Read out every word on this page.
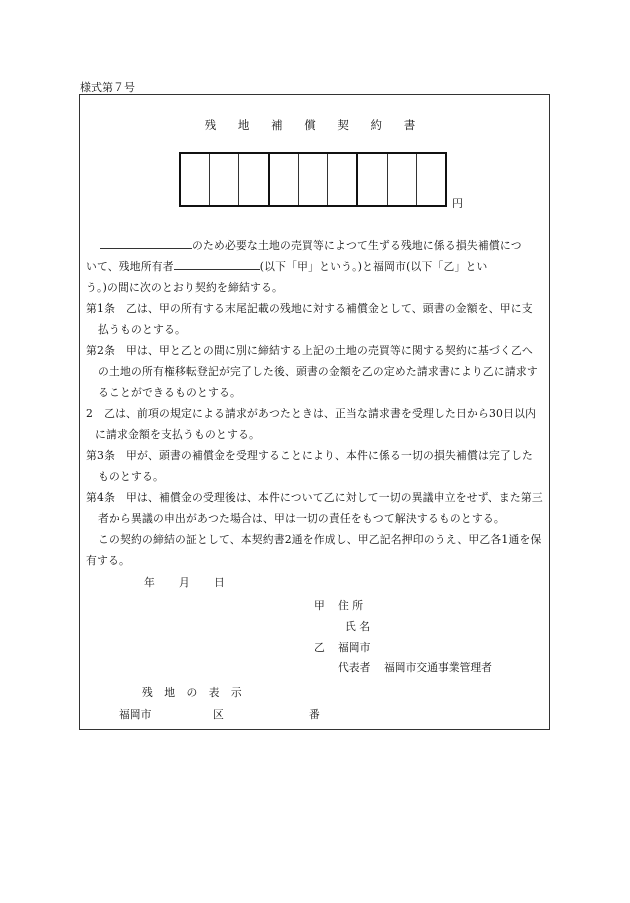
様式第７号
残 地 補 償 契 約 書
円

のため必要な土地の売買等によつて生ずる残地に係る損失補償につ

いて、残地所有者	(以下「甲」という。)と福岡市(以下「乙」とい

う。)の間に次のとおり契約を締結する。

第1条　乙は、甲の所有する末尾記載の残地に対する補償金として、頭書の金額を、甲に支払うものとする。

第2条　甲は、甲と乙との間に別に締結する上記の土地の売買等に関する契約に基づく乙への土地の所有権移転登記が完了した後、頭書の金額を乙の定めた請求書により乙に請求することができるものとする。

2　乙は、前項の規定による請求があつたときは、正当な請求書を受理した日から30日以内に請求金額を支払うものとする。

第3条　甲が、頭書の補償金を受理することにより、本件に係る一切の損失補償は完了したものとする。

第4条　甲は、補償金の受理後は、本件について乙に対して一切の異議申立をせず、また第三者から異議の申出があつた場合は、甲は一切の責任をもつて解決するものとする。

この契約の締結の証として、本契約書2通を作成し、甲乙記名押印のうえ、甲乙各1通を保有する。

年 月 日
甲 住 所
氏 名
乙 福岡市
代表者 福岡市交通事業管理者
残 地 の 表 示
福岡市	区	番
